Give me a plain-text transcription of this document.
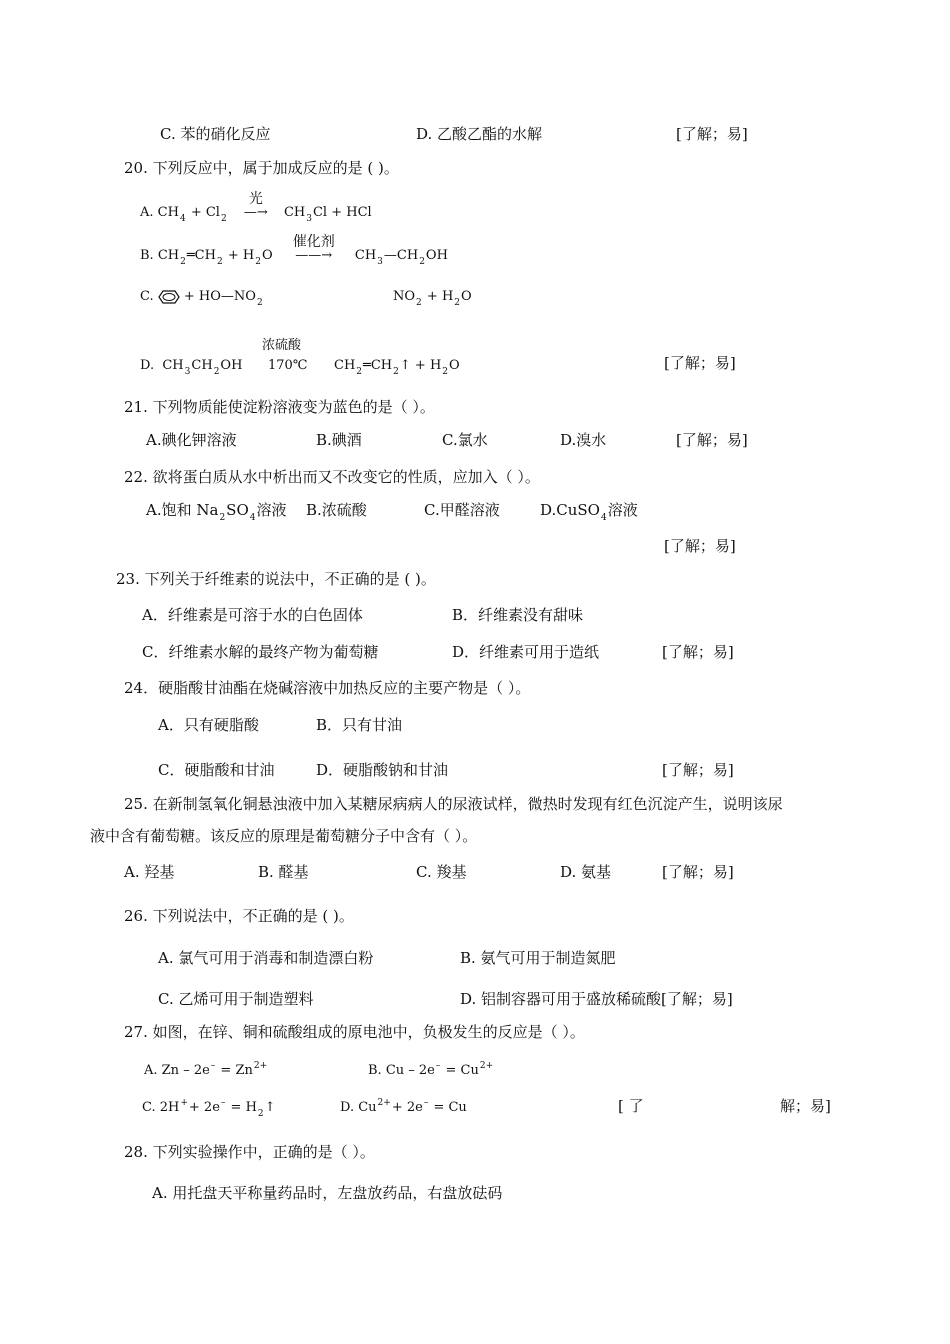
C. 苯的硝化反应	D. 乙酸乙酯的水解	[了解；易]
20. 下列反应中，属于加成反应的是 ( )。
A. $CH_4 + Cl_2$
光
—→ $CH_3Cl$ + HCl
B. $CH_2═CH_2 + H_2O$
催化剂
——→ $CH_3—CH_2OH$
C.  + $HO—NO_2$	$NO_2 + H_2O$
浓硫酸
D.  $CH_3CH_2OH$ 170℃ $CH_2═CH_2↑ + H_2O$	[了解；易]
21. 下列物质能使淀粉溶液变为蓝色的是（ ）。
A.碘化钾溶液	B.碘酒	C.氯水	D.溴水	[了解；易]
22. 欲将蛋白质从水中析出而又不改变它的性质，应加入（ ）。
A.饱和 $Na_2SO_4$溶液 B.浓硫酸	C.甲醛溶液	D.CuSO$_4$溶液
[了解；易]
23. 下列关于纤维素的说法中，不正确的是 ( )。
A．纤维素是可溶于水的白色固体	B．纤维素没有甜味
C．纤维素水解的最终产物为葡萄糖	D．纤维素可用于造纸	[了解；易]
24．硬脂酸甘油酯在烧碱溶液中加热反应的主要产物是（ ）。
A．只有硬脂酸	B．只有甘油
C．硬脂酸和甘油	D．硬脂酸钠和甘油	[了解；易]
25. 在新制氢氧化铜悬浊液中加入某糖尿病病人的尿液试样，微热时发现有红色沉淀产生，说明该尿
液中含有葡萄糖。该反应的原理是葡萄糖分子中含有（ ）。
A. 羟基	B. 醛基	C. 羧基	D. 氨基	[了解；易]
26. 下列说法中，不正确的是 ( )。
A. 氯气可用于消毒和制造漂白粉	B. 氨气可用于制造氮肥
C. 乙烯可用于制造塑料	D. 铝制容器可用于盛放稀硫酸[了解；易]
27. 如图，在锌、铜和硫酸组成的原电池中，负极发生的反应是（ ）。
A. $Zn - 2e^- = Zn^{2+}$	B. $Cu - 2e^- = Cu^{2+}$
C. $2H^++ 2e^- = H_2↑$	D. $Cu^{2+}+ 2e^- = Cu$	[ 了	解；易]
28. 下列实验操作中，正确的是（ ）。
A. 用托盘天平称量药品时，左盘放药品，右盘放砝码
